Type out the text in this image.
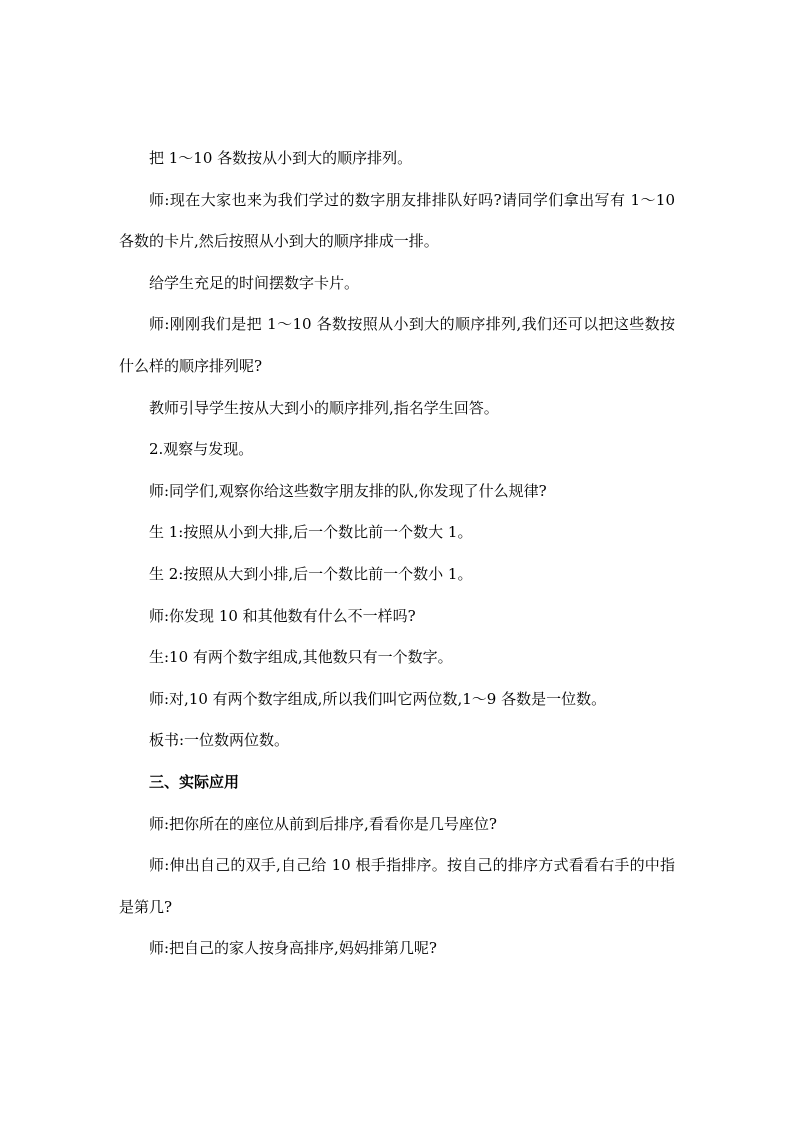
把 1～10 各数按从小到大的顺序排列。

师:现在大家也来为我们学过的数字朋友排排队好吗?请同学们拿出写有 1～10 各数的卡片,然后按照从小到大的顺序排成一排。

给学生充足的时间摆数字卡片。

师:刚刚我们是把 1～10 各数按照从小到大的顺序排列,我们还可以把这些数按什么样的顺序排列呢?

教师引导学生按从大到小的顺序排列,指名学生回答。

2.观察与发现。

师:同学们,观察你给这些数字朋友排的队,你发现了什么规律?

生 1:按照从小到大排,后一个数比前一个数大 1。

生 2:按照从大到小排,后一个数比前一个数小 1。

师:你发现 10 和其他数有什么不一样吗?

生:10 有两个数字组成,其他数只有一个数字。

师:对,10 有两个数字组成,所以我们叫它两位数,1～9 各数是一位数。

板书:一位数两位数。

三、实际应用

师:把你所在的座位从前到后排序,看看你是几号座位?

师:伸出自己的双手,自己给 10 根手指排序。按自己的排序方式看看右手的中指是第几?

师:把自己的家人按身高排序,妈妈排第几呢?
